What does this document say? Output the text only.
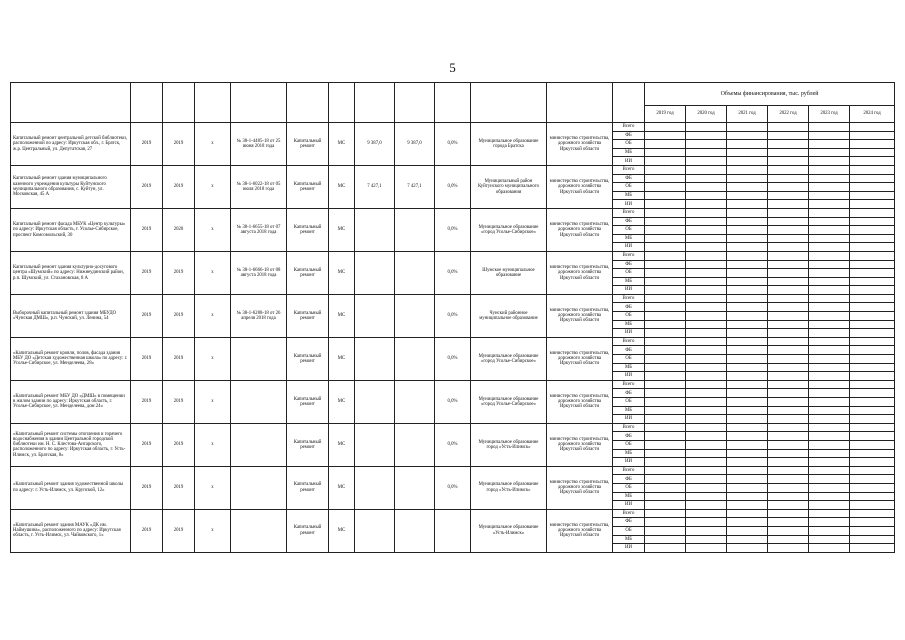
5
													Объемы финансирования, тыс. рублей					
													2019 год	2020 год	2021 год	2022 год	2023 год	2024 год
Капитальный ремонт центральной детской библиотеки, расположенной по адресу: Иркутская обл., г. Братск, ж.р. Центральный, ул. Депутатская, 27	2019	2019	х	№ 38-1-4485-18 от 25 июня 2018 года	Капитальный ремонт	МС	9 387,0	9 387,0	0,0%	Муниципальное образование города Братска	министерство строительства, дорожного хозяйства Иркутской области	Всего						
												ФБ						
												ОБ						
												МБ						
												ИИ						
Капитальный ремонт здания муниципального казенного учреждения культуры Куйтунского муниципального образования, с. Куйтун, ул. Московская, 45 А	2019	2019	х	№ 38-1-6022-18 от 05 июля 2018 года	Капитальный ремонт	МС	7 427,1	7 427,1	0,0%	Муниципальный район Куйтунского муниципального образования	министерство строительства, дорожного хозяйства Иркутской области	Всего						
												ФБ						
												ОБ						
												МБ						
												ИИ						
Капитальный ремонт фасада МБУК «Центр культуры» по адресу: Иркутская область, г. Усолье-Сибирское, проспект Комсомольский, 30	2019	2020	х	№ 38-1-6655-18 от 07 августа 2018 года	Капитальный ремонт	МС			0,0%	Муниципальное образование «город Усолье-Сибирское»	министерство строительства, дорожного хозяйства Иркутской области	Всего						
												ФБ						
												ОБ						
												МБ						
												ИИ						
Капитальный ремонт здания культурно-досугового центра «Шумский» по адресу: Нижнеудинский район, р.п. Шумский, ул. Стахановская, 8 А	2019	2019	х	№ 38-1-6666-18 от 08 августа 2018 года	Капитальный ремонт	МС			0,0%	Шумское муниципальное образование	министерство строительства, дорожного хозяйства Иркутской области	Всего						
												ФБ						
												ОБ						
												МБ						
												ИИ						
Выборочный капитальный ремонт здания МБУДО «Чунская ДМШ», р.п. Чунский, ул. Ленина, 54	2019	2019	х	№ 38-1-6288-18 от 26 апреля 2018 года	Капитальный ремонт	МС			0,0%	Чунский районное муниципальное образование	министерство строительства, дорожного хозяйства Иркутской области	Всего						
												ФБ						
												ОБ						
												МБ						
												ИИ						
«Капитальный ремонт кровли, полов, фасада здания МБУ ДО «Детская художественная школа» по адресу: г. Усолье-Сибирское, ул. Менделеева, 28»	2019	2019	х		Капитальный ремонт	МС			0,0%	Муниципальное образование «город Усолье-Сибирское»	министерство строительства, дорожного хозяйства Иркутской области	Всего						
												ФБ						
												ОБ						
												МБ						
												ИИ						
«Капитальный ремонт МБУ ДО «ДМШ» в помещении в жилом здании по адресу: Иркутская область, г. Усолье-Сибирское, ул. Менделеева, дом 24»	2019	2019	х		Капитальный ремонт	МС			0,0%	Муниципальное образование «город Усолье-Сибирское»	министерство строительства, дорожного хозяйства Иркутской области	Всего						
												ФБ						
												ОБ						
												МБ						
												ИИ						
«Капитальный ремонт системы отопления и горячего водоснабжения в здании Центральной городской библиотеки им. Н. С. Клестова-Ангарского, расположенного по адресу: Иркутская область, г. Усть-Илимск, ул. Братская, 8»	2019	2019	х		Капитальный ремонт	МС			0,0%	Муниципальное образование город «Усть-Илимск»	министерство строительства, дорожного хозяйства Иркутской области	Всего						
												ФБ						
												ОБ						
												МБ						
												ИИ						
«Капитальный ремонт здания художественной школы по адресу: г. Усть-Илимск, ул. Крупской, 12»	2019	2019	х		Капитальный ремонт	МС			0,0%	Муниципальное образование город «Усть-Илимск»	министерство строительства, дорожного хозяйства Иркутской области	Всего						
												ФБ						
												ОБ						
												МБ						
												ИИ						
«Капитальный ремонт здания МАУК «ДК им. Наймушина», расположенного по адресу: Иркутская область, г. Усть-Илимск, ул. Чайковского, 1»	2019	2019	х		Капитальный ремонт	МС				Муниципальное образование «Усть-Илимск»	министерство строительства, дорожного хозяйства Иркутской области	Всего						
												ФБ						
												ОБ						
												МБ						
												ИИ						
